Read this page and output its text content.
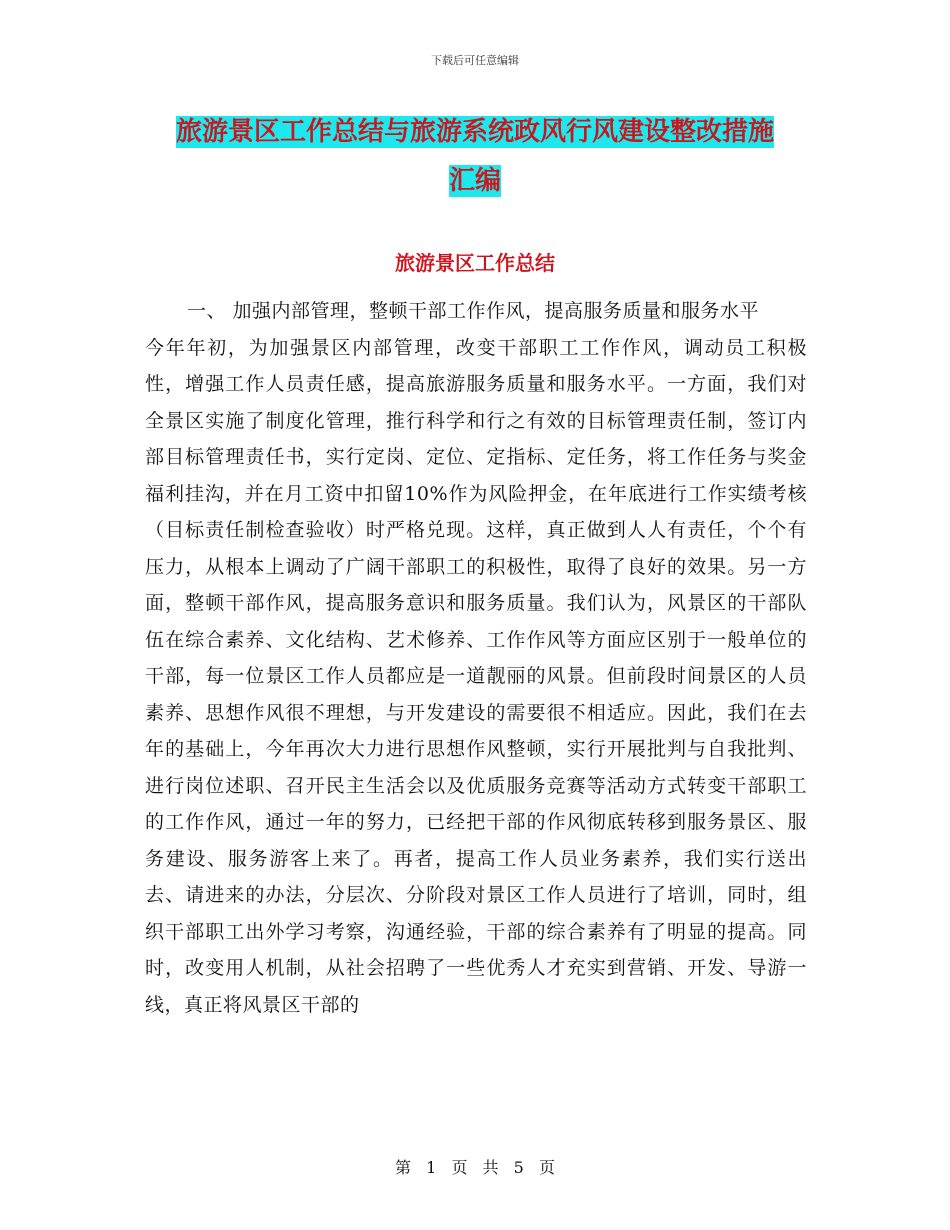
下载后可任意编辑
旅游景区工作总结与旅游系统政风行风建设整改措施
汇编
旅游景区工作总结

一、 加强内部管理，整顿干部工作作风，提高服务质量和服务水平

今年年初，为加强景区内部管理，改变干部职工工作作风，调动员工积极性，增强工作人员责任感，提高旅游服务质量和服务水平。一方面，我们对全景区实施了制度化管理，推行科学和行之有效的目标管理责任制，签订内部目标管理责任书，实行定岗、定位、定指标、定任务，将工作任务与奖金福利挂沟，并在月工资中扣留10%作为风险押金，在年底进行工作实绩考核（目标责任制检查验收）时严格兑现。这样，真正做到人人有责任，个个有压力，从根本上调动了广阔干部职工的积极性，取得了良好的效果。另一方面，整顿干部作风，提高服务意识和服务质量。我们认为，风景区的干部队伍在综合素养、文化结构、艺术修养、工作作风等方面应区别于一般单位的干部，每一位景区工作人员都应是一道靓丽的风景。但前段时间景区的人员素养、思想作风很不理想，与开发建设的需要很不相适应。因此，我们在去年的基础上，今年再次大力进行思想作风整顿，实行开展批判与自我批判、进行岗位述职、召开民主生活会以及优质服务竞赛等活动方式转变干部职工的工作作风，通过一年的努力，已经把干部的作风彻底转移到服务景区、服务建设、服务游客上来了。再者，提高工作人员业务素养，我们实行送出去、请进来的办法，分层次、分阶段对景区工作人员进行了培训，同时，组织干部职工出外学习考察，沟通经验，干部的综合素养有了明显的提高。同时，改变用人机制，从社会招聘了一些优秀人才充实到营销、开发、导游一线，真正将风景区干部的

第 1 页 共 5 页
